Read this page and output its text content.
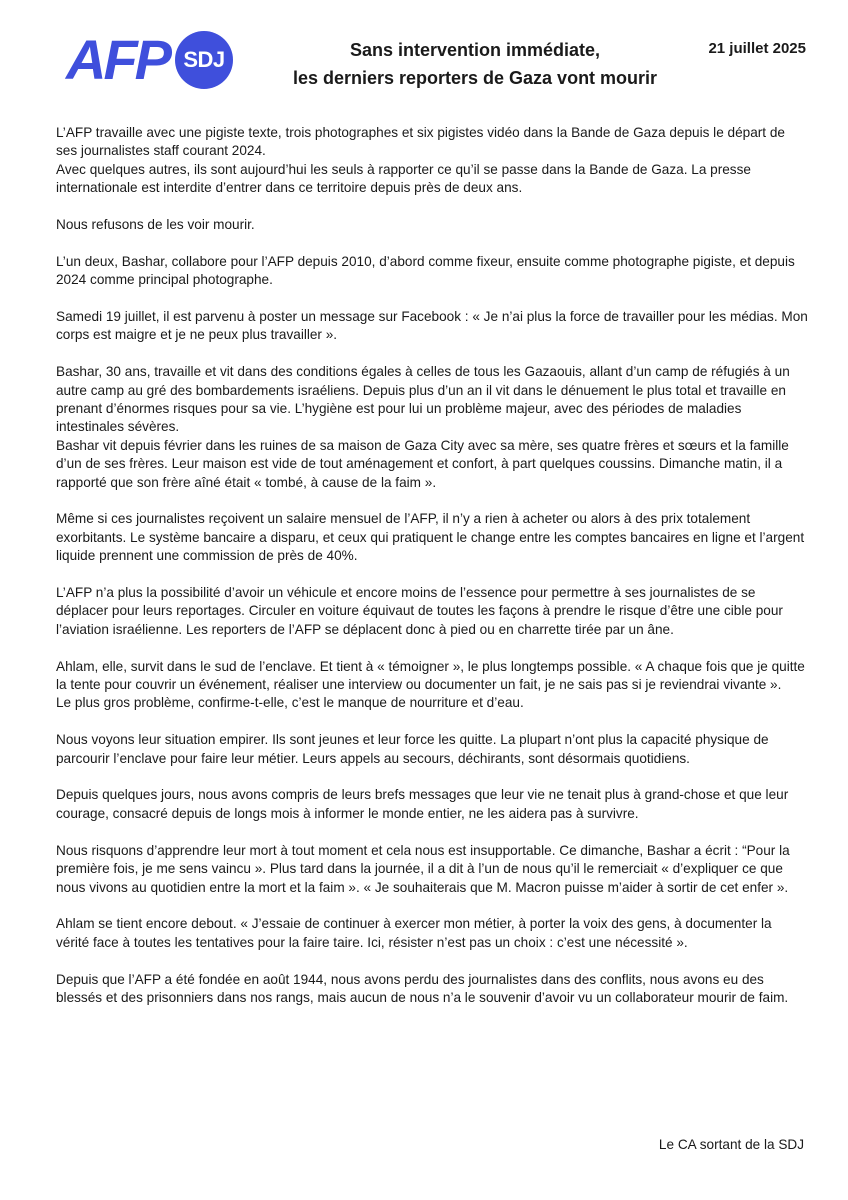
AFP SDJ	Sans intervention immédiate,
les derniers reporters de Gaza vont mourir
21 juillet 2025

L’AFP travaille avec une pigiste texte, trois photographes et six pigistes vidéo dans la Bande de Gaza depuis le départ de ses journalistes staff courant 2024.
Avec quelques autres, ils sont aujourd’hui les seuls à rapporter ce qu’il se passe dans la Bande de Gaza. La presse internationale est interdite d’entrer dans ce territoire depuis près de deux ans.

Nous refusons de les voir mourir.

L’un deux, Bashar, collabore pour l’AFP depuis 2010, d’abord comme fixeur, ensuite comme photographe pigiste, et depuis 2024 comme principal photographe.

Samedi 19 juillet, il est parvenu à poster un message sur Facebook : « Je n’ai plus la force de travailler pour les médias. Mon corps est maigre et je ne peux plus travailler ».

Bashar, 30 ans, travaille et vit dans des conditions égales à celles de tous les Gazaouis, allant d’un camp de réfugiés à un autre camp au gré des bombardements israéliens. Depuis plus d’un an il vit dans le dénuement le plus total et travaille en prenant d’énormes risques pour sa vie. L’hygiène est pour lui un problème majeur, avec des périodes de maladies intestinales sévères.
Bashar vit depuis février dans les ruines de sa maison de Gaza City avec sa mère, ses quatre frères et sœurs et la famille d’un de ses frères. Leur maison est vide de tout aménagement et confort, à part quelques coussins. Dimanche matin, il a rapporté que son frère aîné était « tombé, à cause de la faim ».

Même si ces journalistes reçoivent un salaire mensuel de l’AFP, il n’y a rien à acheter ou alors à des prix totalement exorbitants. Le système bancaire a disparu, et ceux qui pratiquent le change entre les comptes bancaires en ligne et l’argent liquide prennent une commission de près de 40%.

L’AFP n’a plus la possibilité d’avoir un véhicule et encore moins de l’essence pour permettre à ses journalistes de se déplacer pour leurs reportages. Circuler en voiture équivaut de toutes les façons à prendre le risque d’être une cible pour l’aviation israélienne. Les reporters de l’AFP se déplacent donc à pied ou en charrette tirée par un âne.

Ahlam, elle, survit dans le sud de l’enclave. Et tient à « témoigner », le plus longtemps possible. « A chaque fois que je quitte la tente pour couvrir un événement, réaliser une interview ou documenter un fait, je ne sais pas si je reviendrai vivante ».
Le plus gros problème, confirme-t-elle, c’est le manque de nourriture et d’eau.

Nous voyons leur situation empirer. Ils sont jeunes et leur force les quitte. La plupart n’ont plus la capacité physique de parcourir l’enclave pour faire leur métier. Leurs appels au secours, déchirants, sont désormais quotidiens.

Depuis quelques jours, nous avons compris de leurs brefs messages que leur vie ne tenait plus à grand-chose et que leur courage, consacré depuis de longs mois à informer le monde entier, ne les aidera pas à survivre.

Nous risquons d’apprendre leur mort à tout moment et cela nous est insupportable. Ce dimanche, Bashar a écrit : “Pour la première fois, je me sens vaincu ». Plus tard dans la journée, il a dit à l’un de nous qu’il le remerciait « d’expliquer ce que nous vivons au quotidien entre la mort et la faim ». « Je souhaiterais que M. Macron puisse m’aider à sortir de cet enfer ».

Ahlam se tient encore debout. « J’essaie de continuer à exercer mon métier, à porter la voix des gens, à documenter la vérité face à toutes les tentatives pour la faire taire. Ici, résister n’est pas un choix : c’est une nécessité ».

Depuis que l’AFP a été fondée en août 1944, nous avons perdu des journalistes dans des conflits, nous avons eu des blessés et des prisonniers dans nos rangs, mais aucun de nous n’a le souvenir d’avoir vu un collaborateur mourir de faim.

Le CA sortant de la SDJ
